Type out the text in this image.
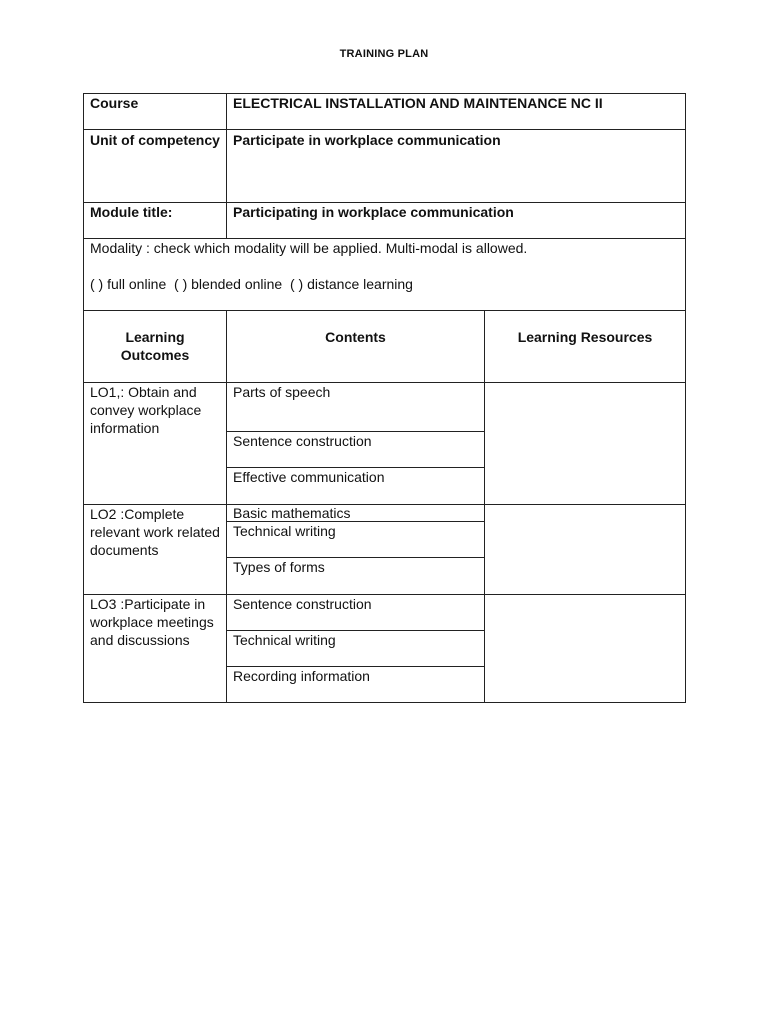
TRAINING PLAN
Course	ELECTRICAL INSTALLATION AND MAINTENANCE NC II	
Unit of competency	Participate in workplace communication	
Module title:	Participating in workplace communication	

Modality : check which modality will be applied. Multi-modal is allowed.
( ) full online  ( ) blended online  ( ) distance learning		

Learning Outcomes	Contents	Learning Resources
LO1,: Obtain and convey workplace information	Parts of speech	
	Sentence construction	
	Effective communication	
LO2 :Complete relevant work related documents	Basic mathematics	
	Technical writing	
	Types of forms	
LO3 :Participate in workplace meetings and discussions	Sentence construction	
	Technical writing	
	Recording information	
